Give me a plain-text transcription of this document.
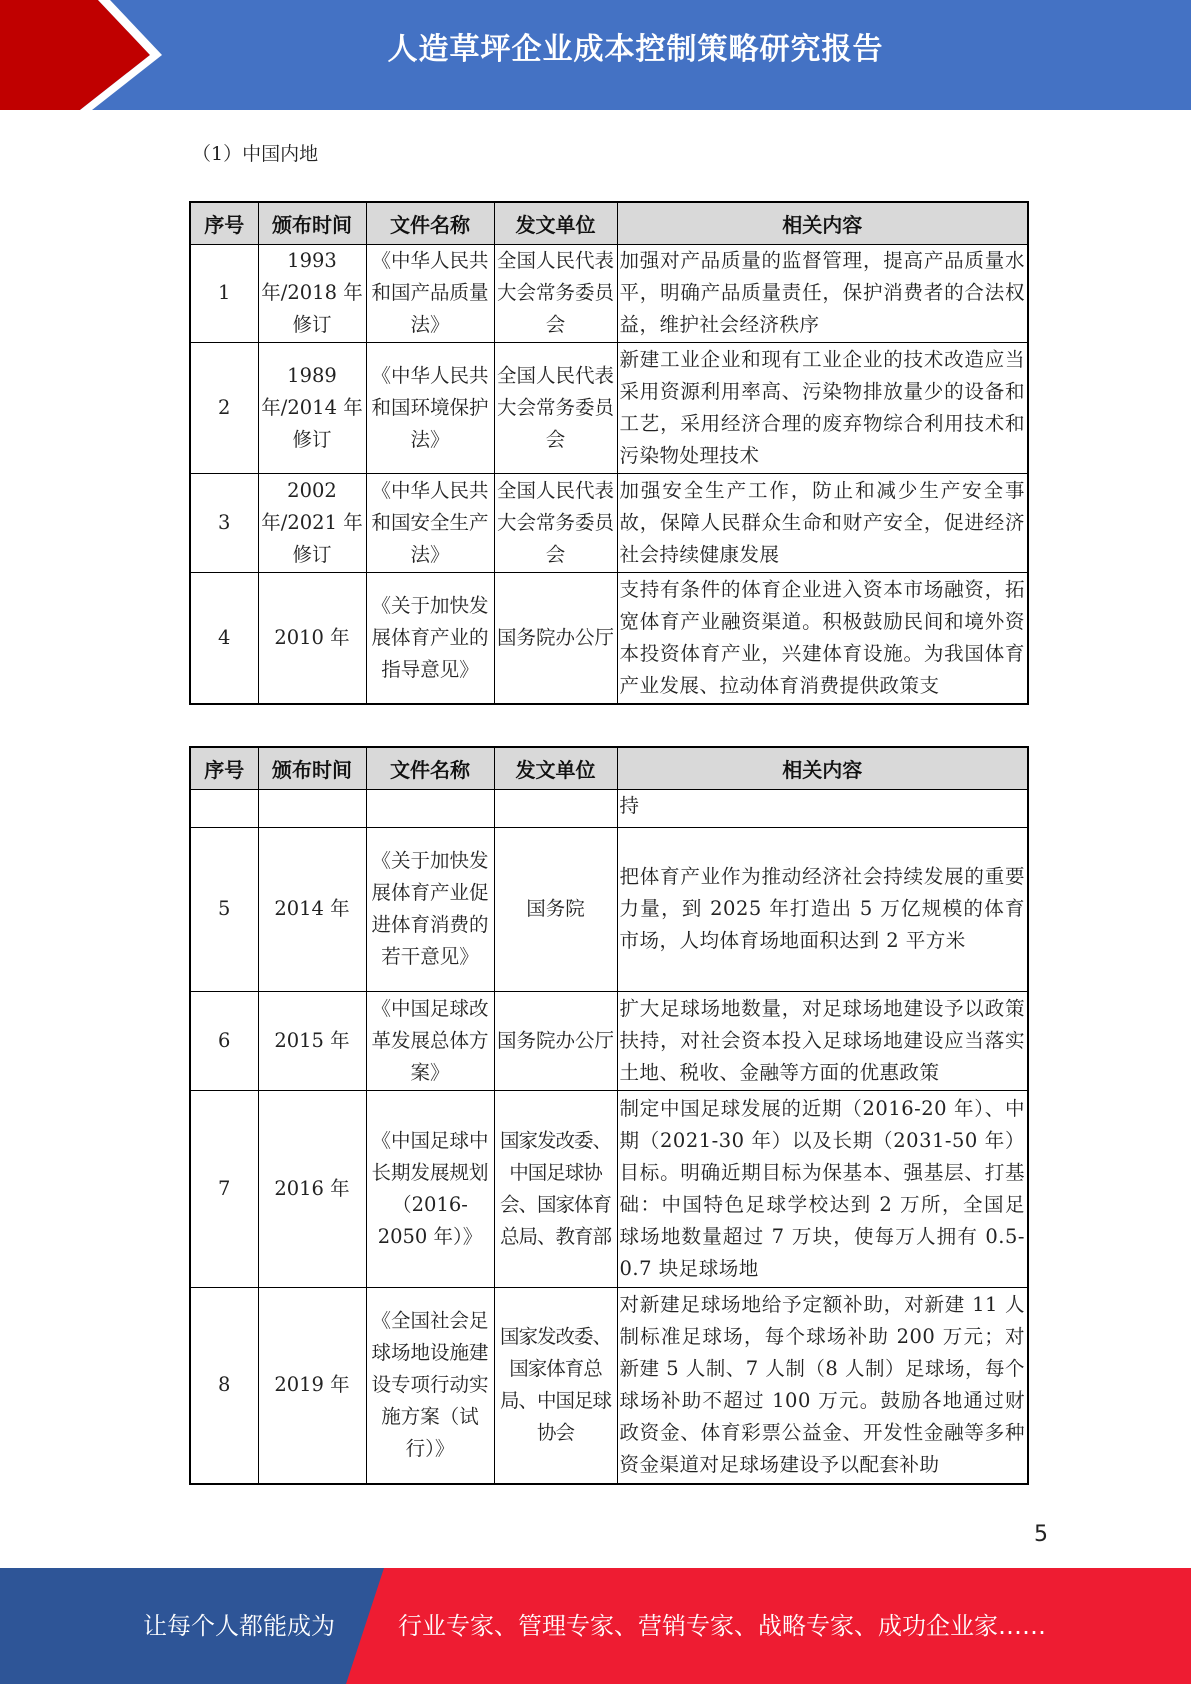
人造草坪企业成本控制策略研究报告
（1）中国内地
序号	颁布时间	文件名称	发文单位	相关内容
1	1993 年/2018 年修订	《中华人民共和国产品质量法》	全国人民代表大会常务委员会	加强对产品质量的监督管理，提高产品质量水平，明确产品质量责任，保护消费者的合法权益，维护社会经济秩序
2	1989 年/2014 年修订	《中华人民共和国环境保护法》	全国人民代表大会常务委员会	新建工业企业和现有工业企业的技术改造应当采用资源利用率高、污染物排放量少的设备和工艺，采用经济合理的废弃物综合利用技术和污染物处理技术
3	2002 年/2021 年修订	《中华人民共和国安全生产法》	全国人民代表大会常务委员会	加强安全生产工作，防止和减少生产安全事故，保障人民群众生命和财产安全，促进经济社会持续健康发展
4	2010 年	《关于加快发展体育产业的指导意见》	国务院办公厅	支持有条件的体育企业进入资本市场融资，拓宽体育产业融资渠道。积极鼓励民间和境外资本投资体育产业，兴建体育设施。为我国体育产业发展、拉动体育消费提供政策支
序号	颁布时间	文件名称	发文单位	相关内容
				持
5	2014 年	《关于加快发展体育产业促进体育消费的若干意见》	国务院	把体育产业作为推动经济社会持续发展的重要力量，到 2025 年打造出 5 万亿规模的体育市场，人均体育场地面积达到 2 平方米
6	2015 年	《中国足球改革发展总体方案》	国务院办公厅	扩大足球场地数量，对足球场地建设予以政策扶持，对社会资本投入足球场地建设应当落实土地、税收、金融等方面的优惠政策
7	2016 年	《中国足球中长期发展规划（2016-2050 年）》	国家发改委、中国足球协会、国家体育总局、教育部	制定中国足球发展的近期（2016-20 年）、中期（2021-30 年）以及长期（2031-50 年）目标。明确近期目标为保基本、强基层、打基础：中国特色足球学校达到 2 万所，全国足球场地数量超过 7 万块，使每万人拥有 0.5-0.7 块足球场地
8	2019 年	《全国社会足球场地设施建设专项行动实施方案（试行）》	国家发改委、国家体育总局、中国足球协会	对新建足球场地给予定额补助，对新建 11 人制标准足球场，每个球场补助 200 万元；对新建 5 人制、7 人制（8 人制）足球场，每个球场补助不超过 100 万元。鼓励各地通过财政资金、体育彩票公益金、开发性金融等多种资金渠道对足球场建设予以配套补助
5
让每个人都能成为	行业专家、管理专家、营销专家、战略专家、成功企业家……
